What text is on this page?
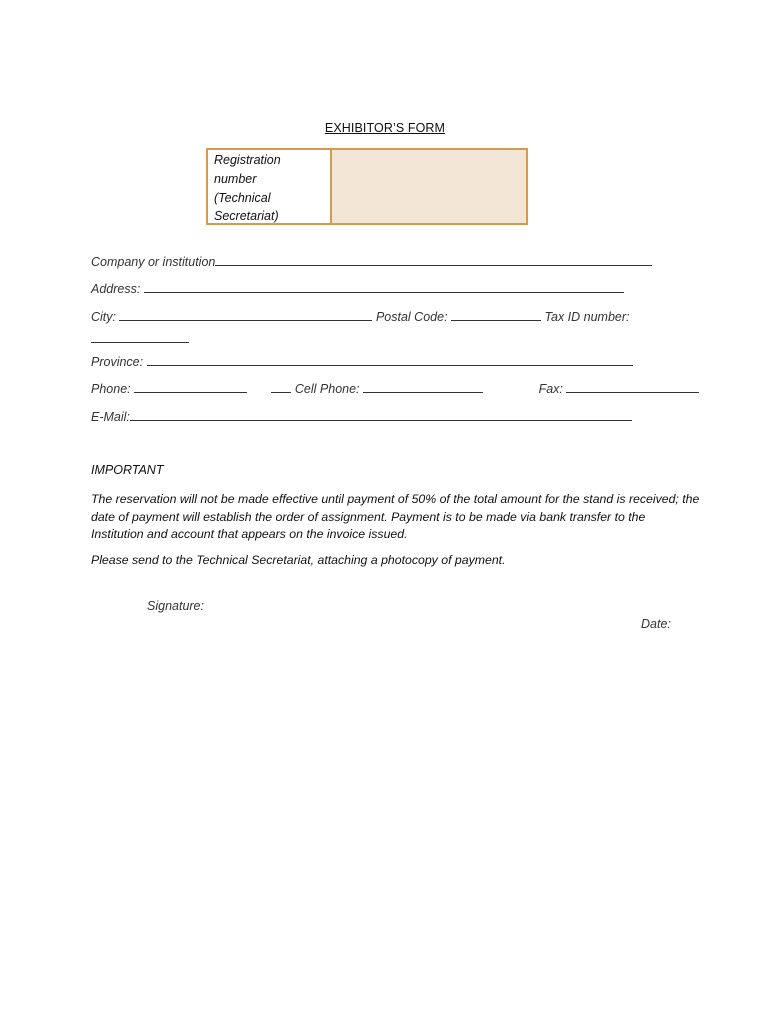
EXHIBITOR’S FORM
Registration
number
(Technical
Secretariat)
Company or institution
Address:
City:	Postal Code:	Tax ID number:
Province:
Phone:	Cell Phone:	Fax:
E-Mail:
IMPORTANT
The reservation will not be made effective until payment of 50% of the total amount for the stand is received; the date of payment will establish the order of assignment. Payment is to be made via bank transfer to the Institution and account that appears on the invoice issued.
Please send to the Technical Secretariat, attaching a photocopy of payment.
Signature:
Date:
